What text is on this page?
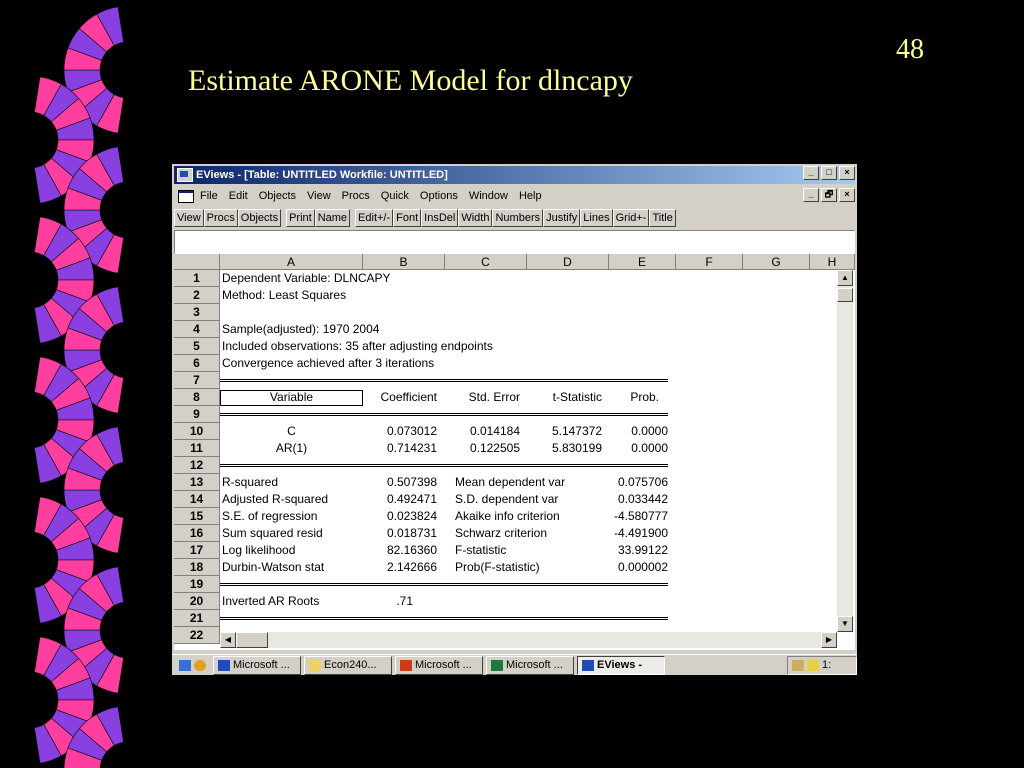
Estimate ARONE Model for dlncapy
48
EViews - [Table: UNTITLED Workfile: UNTITLED]	_	□	×
File Edit Objects View Procs Quick Options Window Help	_	🗗	×
View Procs Objects Print Name Edit+/- Font InsDel Width Numbers Justify Lines Grid+- Title
A	B	C	D	E	F	G	H
1
2
3
4
5
6
7
8
9
10
11
12
13
14
15
16
17
18
19
20
21
22
Dependent Variable: DLNCAPY
Method: Least Squares
Sample(adjusted): 1970 2004
Included observations: 35 after adjusting endpoints
Convergence achieved after 3 iterations
Variable	Coefficient	Std. Error	t-Statistic	Prob.
C	0.073012	0.014184	5.147372	0.0000
AR(1)	0.714231	0.122505	5.830199	0.0000
R-squared	0.507398 Mean dependent var	0.075706
Adjusted R-squared	0.492471 S.D. dependent var	0.033442
S.E. of regression	0.023824 Akaike info criterion	-4.580777
Sum squared resid	0.018731 Schwarz criterion	-4.491900
Log likelihood	82.16360 F-statistic	33.99122
Durbin-Watson stat	2.142666 Prob(F-statistic)	0.000002
Inverted AR Roots	.71
▲
▼
◀	▶
Microsoft ...	Econ240...	Microsoft ...	Microsoft ...	EViews -	1:
